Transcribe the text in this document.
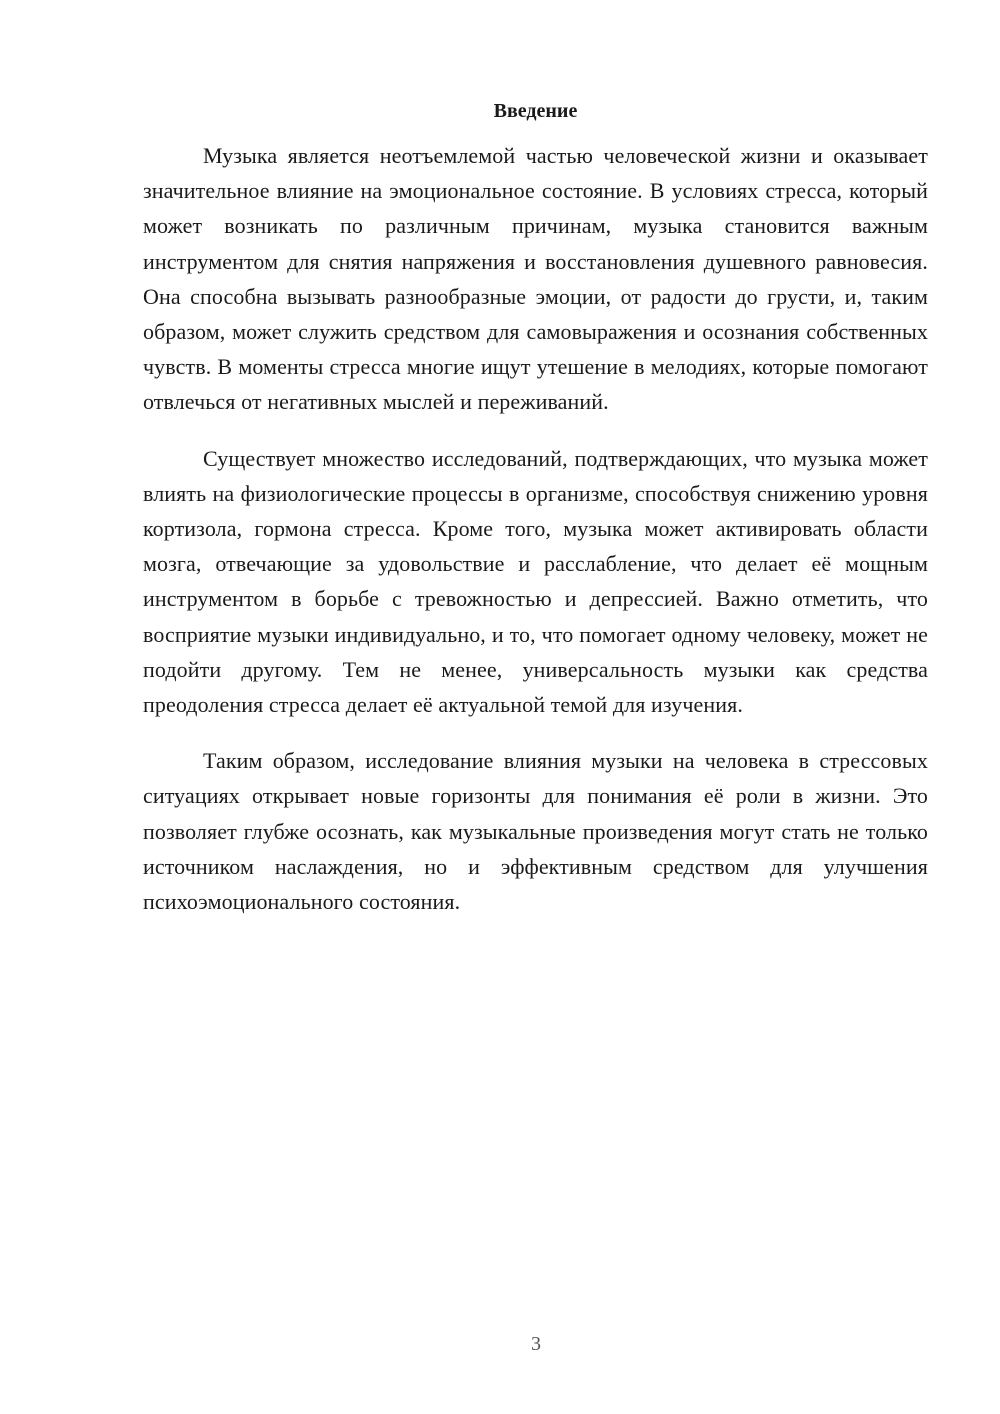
Введение

Музыка является неотъемлемой частью человеческой жизни и оказывает значительное влияние на эмоциональное состояние. В условиях стресса, который может возникать по различным причинам, музыка становится важным инструментом для снятия напряжения и восстановления душевного равновесия. Она способна вызывать разнообразные эмоции, от радости до грусти, и, таким образом, может служить средством для самовыражения и осознания собственных чувств. В моменты стресса многие ищут утешение в мелодиях, которые помогают отвлечься от негативных мыслей и переживаний.

Существует множество исследований, подтверждающих, что музыка может влиять на физиологические процессы в организме, способствуя снижению уровня кортизола, гормона стресса. Кроме того, музыка может активировать области мозга, отвечающие за удовольствие и расслабление, что делает её мощным инструментом в борьбе с тревожностью и депрессией. Важно отметить, что восприятие музыки индивидуально, и то, что помогает одному человеку, может не подойти другому. Тем не менее, универсальность музыки как средства преодоления стресса делает её актуальной темой для изучения.

Таким образом, исследование влияния музыки на человека в стрессовых ситуациях открывает новые горизонты для понимания её роли в жизни. Это позволяет глубже осознать, как музыкальные произведения могут стать не только источником наслаждения, но и эффективным средством для улучшения психоэмоционального состояния.

3
